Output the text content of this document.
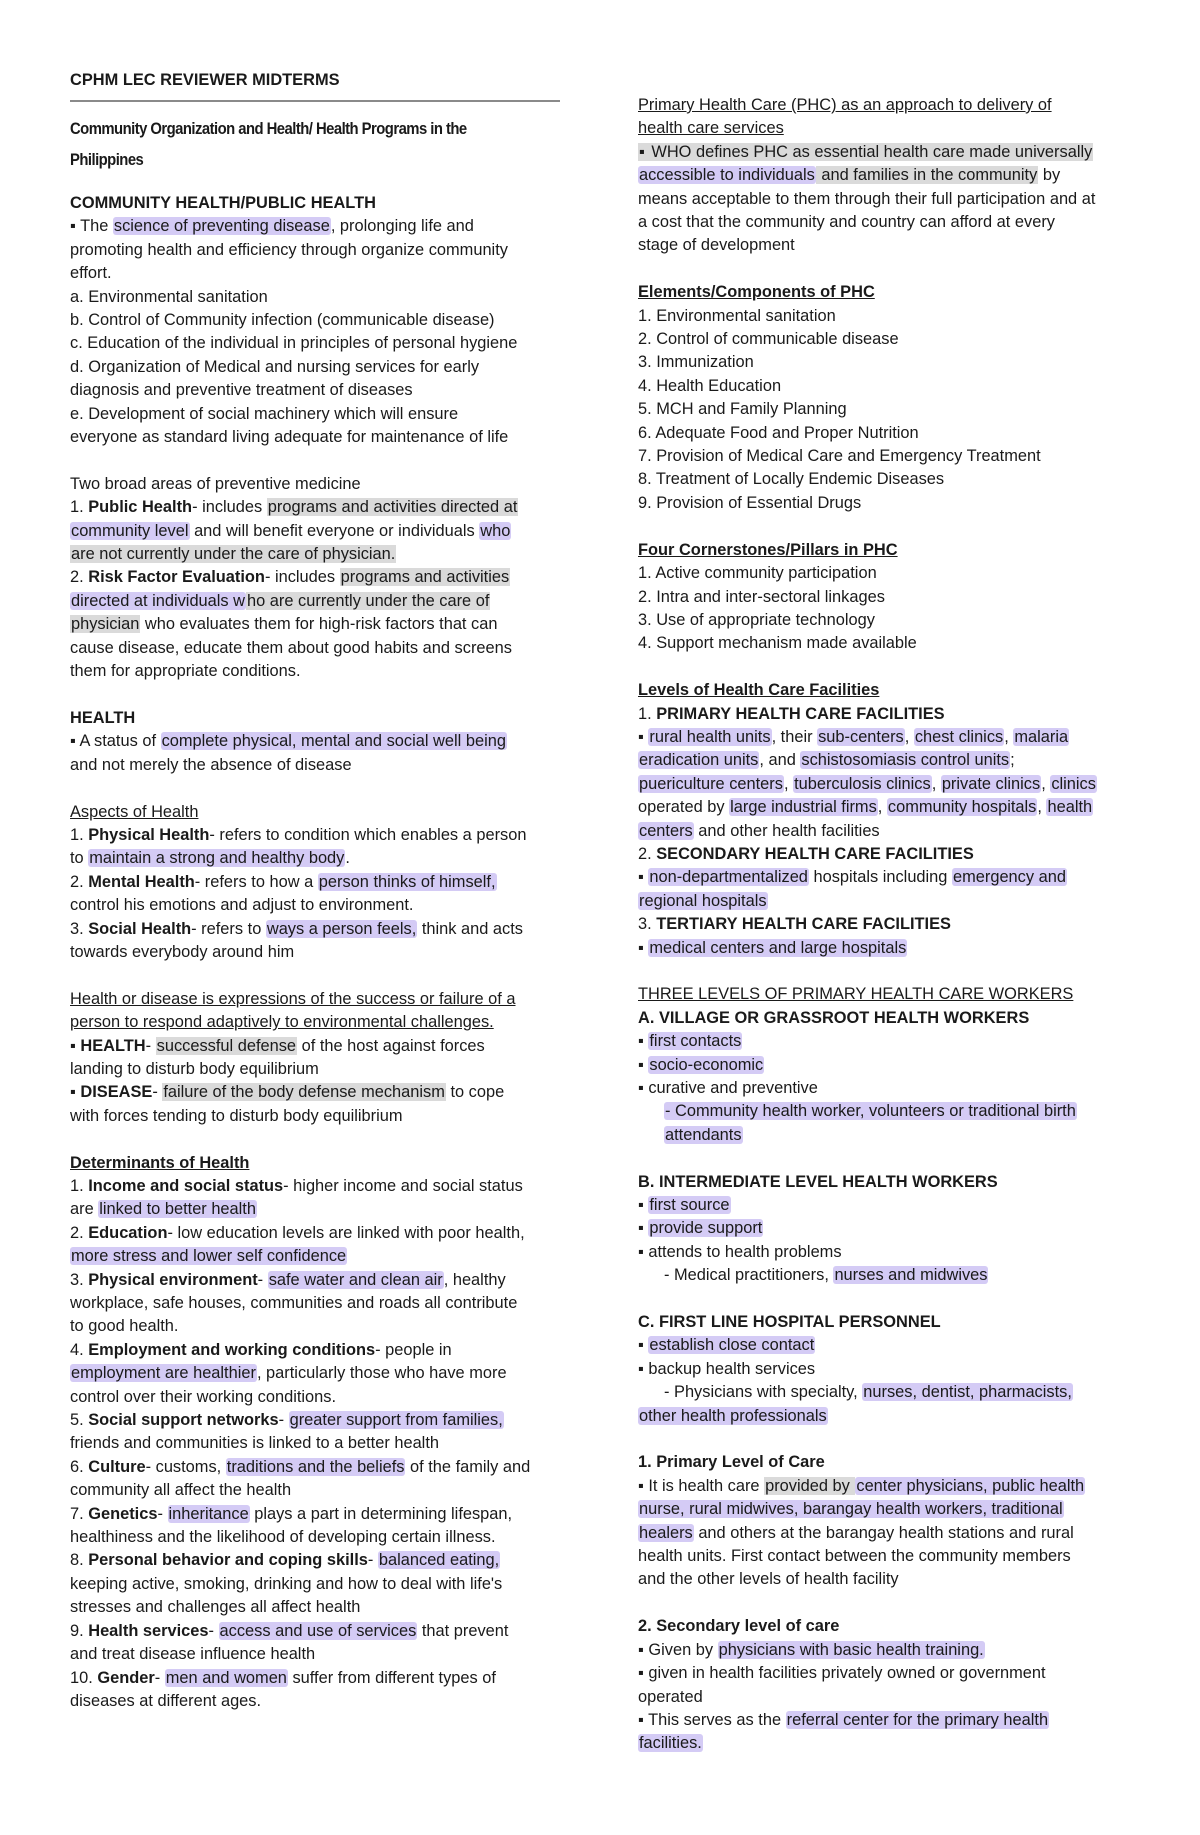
CPHM LEC REVIEWER MIDTERMS
Community Organization and Health/ Health Programs in the
Philippines
COMMUNITY HEALTH/PUBLIC HEALTH
▪ The science of preventing disease, prolonging life and
promoting health and efficiency through organize community
effort.
a. Environmental sanitation
b. Control of Community infection (communicable disease)
c. Education of the individual in principles of personal hygiene
d. Organization of Medical and nursing services for early
diagnosis and preventive treatment of diseases
e. Development of social machinery which will ensure
everyone as standard living adequate for maintenance of life
Two broad areas of preventive medicine
1. Public Health- includes programs and activities directed at
community level and will benefit everyone or individuals who
are not currently under the care of physician.
2. Risk Factor Evaluation- includes programs and activities
directed at individuals w ho are currently under the care of
physician who evaluates them for high-risk factors that can
cause disease, educate them about good habits and screens
them for appropriate conditions.
HEALTH
▪ A status of complete physical, mental and social well being
and not merely the absence of disease
Aspects of Health
1. Physical Health- refers to condition which enables a person
to maintain a strong and healthy body.
2. Mental Health- refers to how a person thinks of himself,
control his emotions and adjust to environment.
3. Social Health- refers to ways a person feels, think and acts
towards everybody around him
Health or disease is expressions of the success or failure of a
person to respond adaptively to environmental challenges.
▪ HEALTH- successful defense of the host against forces
landing to disturb body equilibrium
▪ DISEASE- failure of the body defense mechanism to cope
with forces tending to disturb body equilibrium
Determinants of Health
1. Income and social status- higher income and social status
are linked to better health
2. Education- low education levels are linked with poor health,
more stress and lower self confidence
3. Physical environment- safe water and clean air, healthy
workplace, safe houses, communities and roads all contribute
to good health.
4. Employment and working conditions- people in
employment are healthier, particularly those who have more
control over their working conditions.
5. Social support networks- greater support from families,
friends and communities is linked to a better health
6. Culture- customs, traditions and the beliefs of the family and
community all affect the health
7. Genetics- inheritance plays a part in determining lifespan,
healthiness and the likelihood of developing certain illness.
8. Personal behavior and coping skills- balanced eating,
keeping active, smoking, drinking and how to deal with life's
stresses and challenges all affect health
9. Health services- access and use of services that prevent
and treat disease influence health
10. Gender- men and women suffer from different types of
diseases at different ages.
Primary Health Care (PHC) as an approach to delivery of
health care services
▪ WHO defines PHC as essential health care made universally
accessible to individuals and families in the community by
means acceptable to them through their full participation and at
a cost that the community and country can afford at every
stage of development
Elements/Components of PHC
1. Environmental sanitation
2. Control of communicable disease
3. Immunization
4. Health Education
5. MCH and Family Planning
6. Adequate Food and Proper Nutrition
7. Provision of Medical Care and Emergency Treatment
8. Treatment of Locally Endemic Diseases
9. Provision of Essential Drugs
Four Cornerstones/Pillars in PHC
1. Active community participation
2. Intra and inter-sectoral linkages
3. Use of appropriate technology
4. Support mechanism made available
Levels of Health Care Facilities
1. PRIMARY HEALTH CARE FACILITIES
▪ rural health units, their sub-centers, chest clinics, malaria
eradication units, and schistosomiasis control units;
puericulture centers, tuberculosis clinics, private clinics, clinics
operated by large industrial firms, community hospitals, health
centers and other health facilities
2. SECONDARY HEALTH CARE FACILITIES
▪ non-departmentalized hospitals including emergency and
regional hospitals
3. TERTIARY HEALTH CARE FACILITIES
▪ medical centers and large hospitals
THREE LEVELS OF PRIMARY HEALTH CARE WORKERS
A. VILLAGE OR GRASSROOT HEALTH WORKERS
▪ first contacts
▪ socio-economic
▪ curative and preventive
- Community health worker, volunteers or traditional birth
attendants
B. INTERMEDIATE LEVEL HEALTH WORKERS
▪ first source
▪ provide support
▪ attends to health problems
- Medical practitioners, nurses and midwives
C. FIRST LINE HOSPITAL PERSONNEL
▪ establish close contact
▪ backup health services
- Physicians with specialty, nurses, dentist, pharmacists,
other health professionals
1. Primary Level of Care
▪ It is health care provided by center physicians, public health
nurse, rural midwives, barangay health workers, traditional
healers and others at the barangay health stations and rural
health units. First contact between the community members
and the other levels of health facility
2. Secondary level of care
▪ Given by physicians with basic health training.
▪ given in health facilities privately owned or government
operated
▪ This serves as the referral center for the primary health
facilities.
